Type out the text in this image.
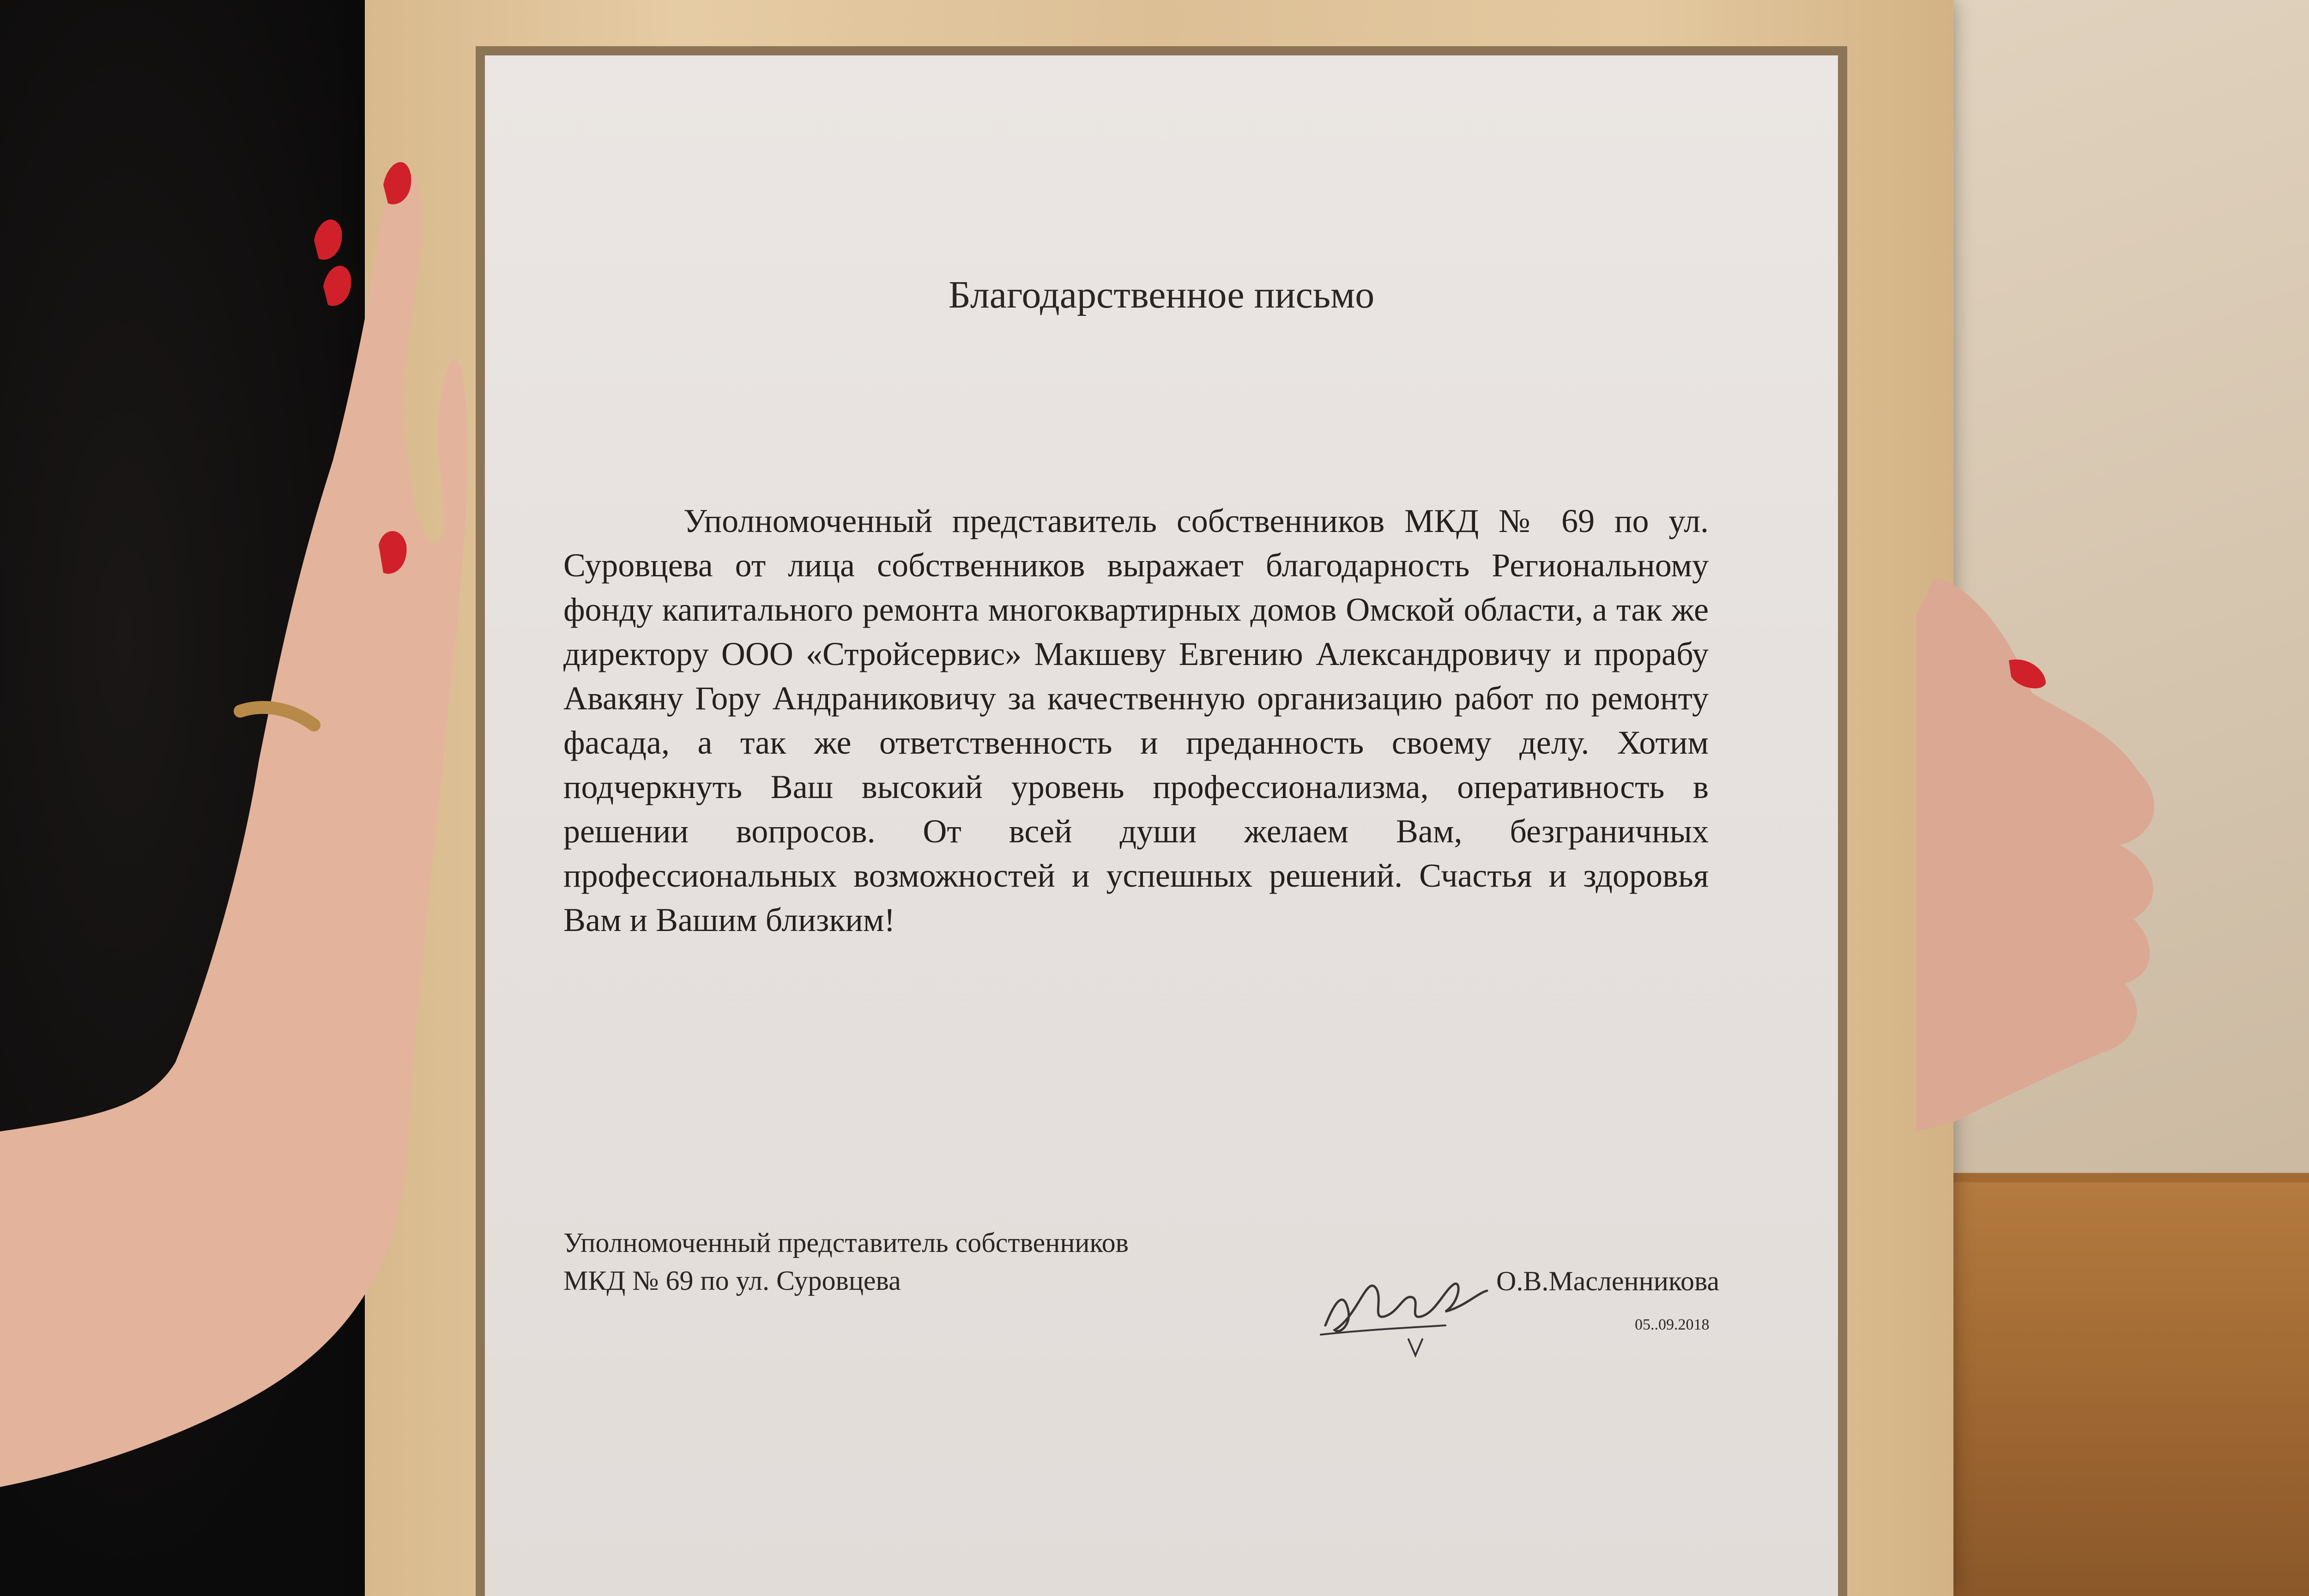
Благодарственное письмо
Уполномоченный представитель собственников МКД № 69 по ул. Суровцева от лица собственников выражает благодарность Региональному фонду капитального ремонта многоквартирных домов Омской области, а так же директору ООО «Стройсервис» Макшеву Евгению Александровичу и прорабу Авакяну Гору Андраниковичу за качественную организацию работ по ремонту фасада, а так же ответственность и преданность своему делу. Хотим подчеркнуть Ваш высокий уровень профессионализма, оперативность в решении вопросов. От всей души желаем Вам, безграничных профессиональных возможностей и успешных решений. Счастья и здоровья Вам и Вашим близким!
Уполномоченный представитель собственников
МКД № 69 по ул. Суровцева	О.В.Масленникова
05..09.2018
